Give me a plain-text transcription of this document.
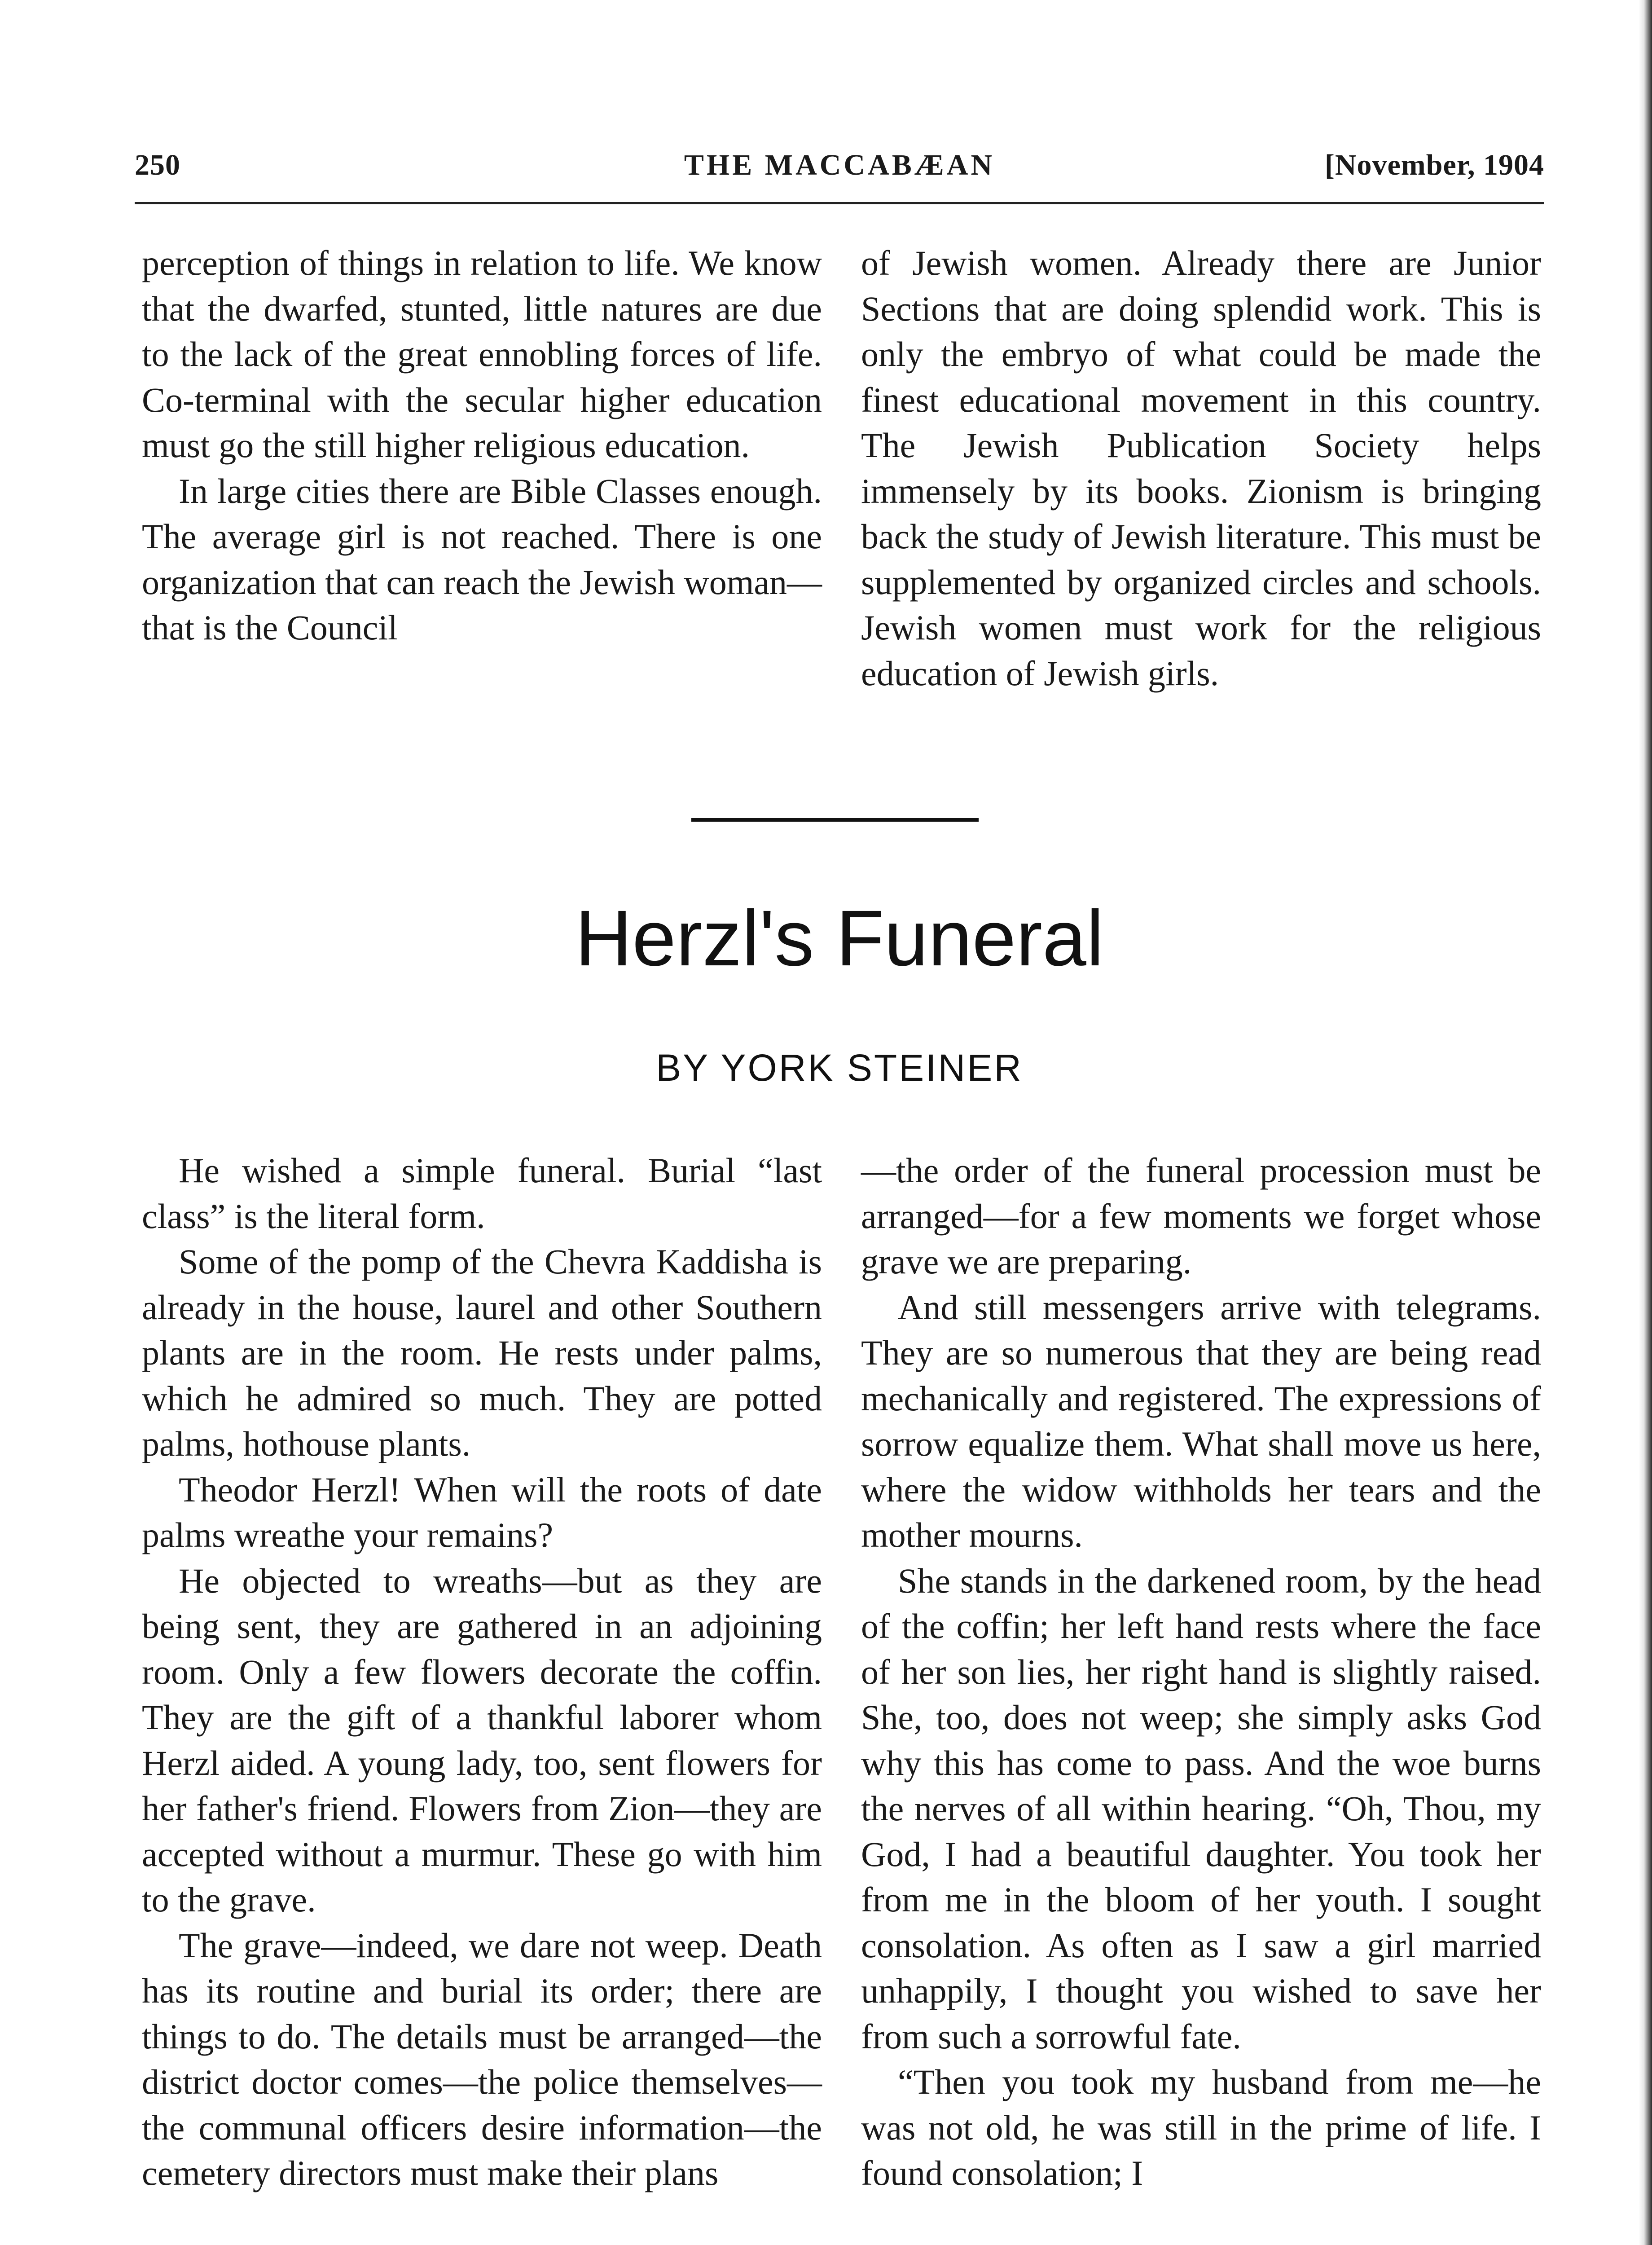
250	THE MACCABÆAN	[November, 1904

perception of things in relation to life. We know that the dwarfed, stunted, little natures are due to the lack of the great ennobling forces of life. Co-terminal with the secular higher education must go the still higher religious education.

In large cities there are Bible Classes enough. The average girl is not reached. There is one organization that can reach the Jewish woman—that is the Council

of Jewish women. Already there are Junior Sections that are doing splendid work. This is only the embryo of what could be made the finest educational movement in this country. The Jewish Publication Society helps immensely by its books. Zionism is bringing back the study of Jewish literature. This must be supplemented by organized circles and schools. Jewish women must work for the religious education of Jewish girls.

Herzl's Funeral
BY YORK STEINER

He wished a simple funeral. Burial “last class” is the literal form.

Some of the pomp of the Chevra Kaddisha is already in the house, laurel and other Southern plants are in the room. He rests under palms, which he admired so much. They are potted palms, hothouse plants.

Theodor Herzl! When will the roots of date palms wreathe your remains?

He objected to wreaths—but as they are being sent, they are gathered in an adjoining room. Only a few flowers decorate the coffin. They are the gift of a thankful laborer whom Herzl aided. A young lady, too, sent flowers for her father's friend. Flowers from Zion—they are accepted without a murmur. These go with him to the grave.

The grave—indeed, we dare not weep. Death has its routine and burial its order; there are things to do. The details must be arranged—the district doctor comes—the police themselves—the communal officers desire information—the cemetery directors must make their plans

—the order of the funeral procession must be arranged—for a few moments we forget whose grave we are preparing.

And still messengers arrive with telegrams. They are so numerous that they are being read mechanically and registered. The expressions of sorrow equalize them. What shall move us here, where the widow withholds her tears and the mother mourns.

She stands in the darkened room, by the head of the coffin; her left hand rests where the face of her son lies, her right hand is slightly raised. She, too, does not weep; she simply asks God why this has come to pass. And the woe burns the nerves of all within hearing. “Oh, Thou, my God, I had a beautiful daughter. You took her from me in the bloom of her youth. I sought consolation. As often as I saw a girl married unhappily, I thought you wished to save her from such a sorrowful fate.

“Then you took my husband from me—he was not old, he was still in the prime of life. I found consolation; I
